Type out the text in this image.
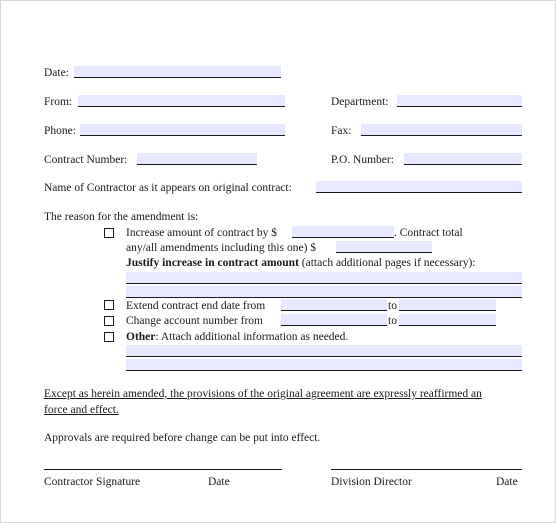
Date:
From:	Department:
Phone:	Fax:
Contract Number:	P.O. Number:
Name of Contractor as it appears on original contract:
The reason for the amendment is:
Increase amount of contract by $	. Contract total
any/all amendments including this one) $
Justify increase in contract amount (attach additional pages if necessary):
Extend contract end date from	to
Change account number from	to
Other: Attach additional information as needed.
Except as herein amended, the provisions of the original agreement are expressly reaffirmed an
force and effect.
Approvals are required before change can be put into effect.
Contractor Signature	Date	Division Director	Date
